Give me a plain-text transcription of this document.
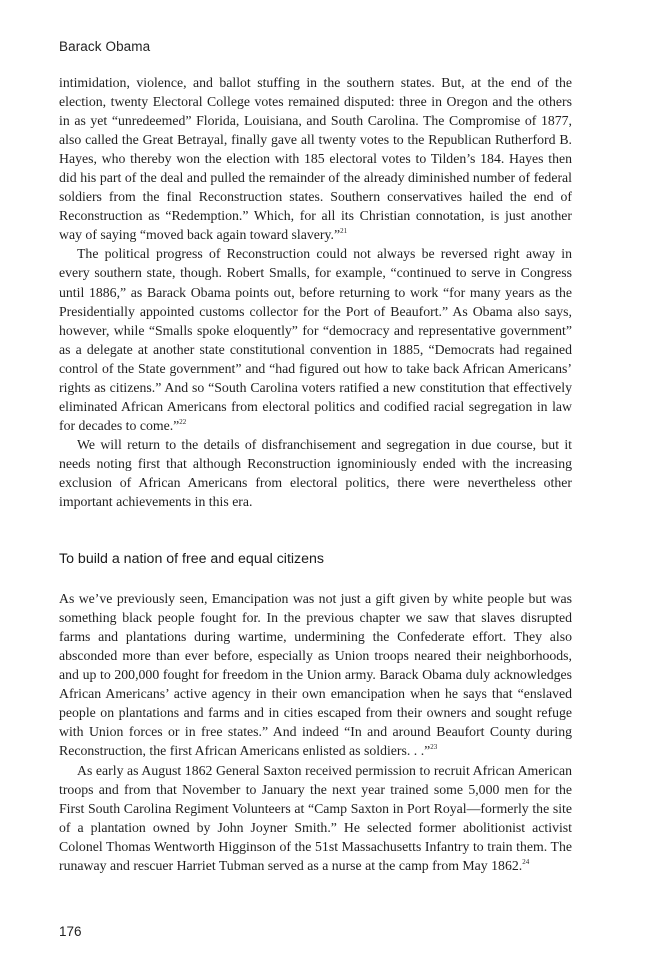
Barack Obama

intimidation, violence, and ballot stuffing in the southern states. But, at the end of the election, twenty Electoral College votes remained disputed: three in Oregon and the others in as yet “unredeemed” Florida, Louisiana, and South Carolina. The Compromise of 1877, also called the Great Betrayal, finally gave all twenty votes to the Republican Rutherford B. Hayes, who thereby won the election with 185 electoral votes to Tilden’s 184. Hayes then did his part of the deal and pulled the remainder of the already diminished number of federal soldiers from the final Reconstruction states. Southern conservatives hailed the end of Reconstruction as “Redemption.” Which, for all its Christian connotation, is just another way of saying “moved back again toward slavery.”$^{21}$

The political progress of Reconstruction could not always be reversed right away in every southern state, though. Robert Smalls, for example, “continued to serve in Congress until 1886,” as Barack Obama points out, before returning to work “for many years as the Presidentially appointed customs collector for the Port of Beaufort.” As Obama also says, however, while “Smalls spoke eloquently” for “democracy and representative government” as a delegate at another state constitutional convention in 1885, “Democrats had regained control of the State government” and “had figured out how to take back African Americans’ rights as citizens.” And so “South Carolina voters ratified a new constitution that effectively eliminated African Americans from electoral politics and codified racial segregation in law for decades to come.”$^{22}$

We will return to the details of disfranchisement and segregation in due course, but it needs noting first that although Reconstruction ignominiously ended with the increasing exclusion of African Americans from electoral politics, there were nevertheless other important achievements in this era.

To build a nation of free and equal citizens

As we’ve previously seen, Emancipation was not just a gift given by white people but was something black people fought for. In the previous chapter we saw that slaves disrupted farms and plantations during wartime, undermining the Confederate effort. They also absconded more than ever before, especially as Union troops neared their neighborhoods, and up to 200,000 fought for freedom in the Union army. Barack Obama duly acknowledges African Americans’ active agency in their own emancipation when he says that “enslaved people on plantations and farms and in cities escaped from their owners and sought refuge with Union forces or in free states.” And indeed “In and around Beaufort County during Reconstruction, the first African Americans enlisted as soldiers. . .”$^{23}$

As early as August 1862 General Saxton received permission to recruit African American troops and from that November to January the next year trained some 5,000 men for the First South Carolina Regiment Volunteers at “Camp Saxton in Port Royal—formerly the site of a plantation owned by John Joyner Smith.” He selected former abolitionist activist Colonel Thomas Wentworth Higginson of the 51st Massachusetts Infantry to train them. The runaway and rescuer Harriet Tubman served as a nurse at the camp from May 1862.24

176
